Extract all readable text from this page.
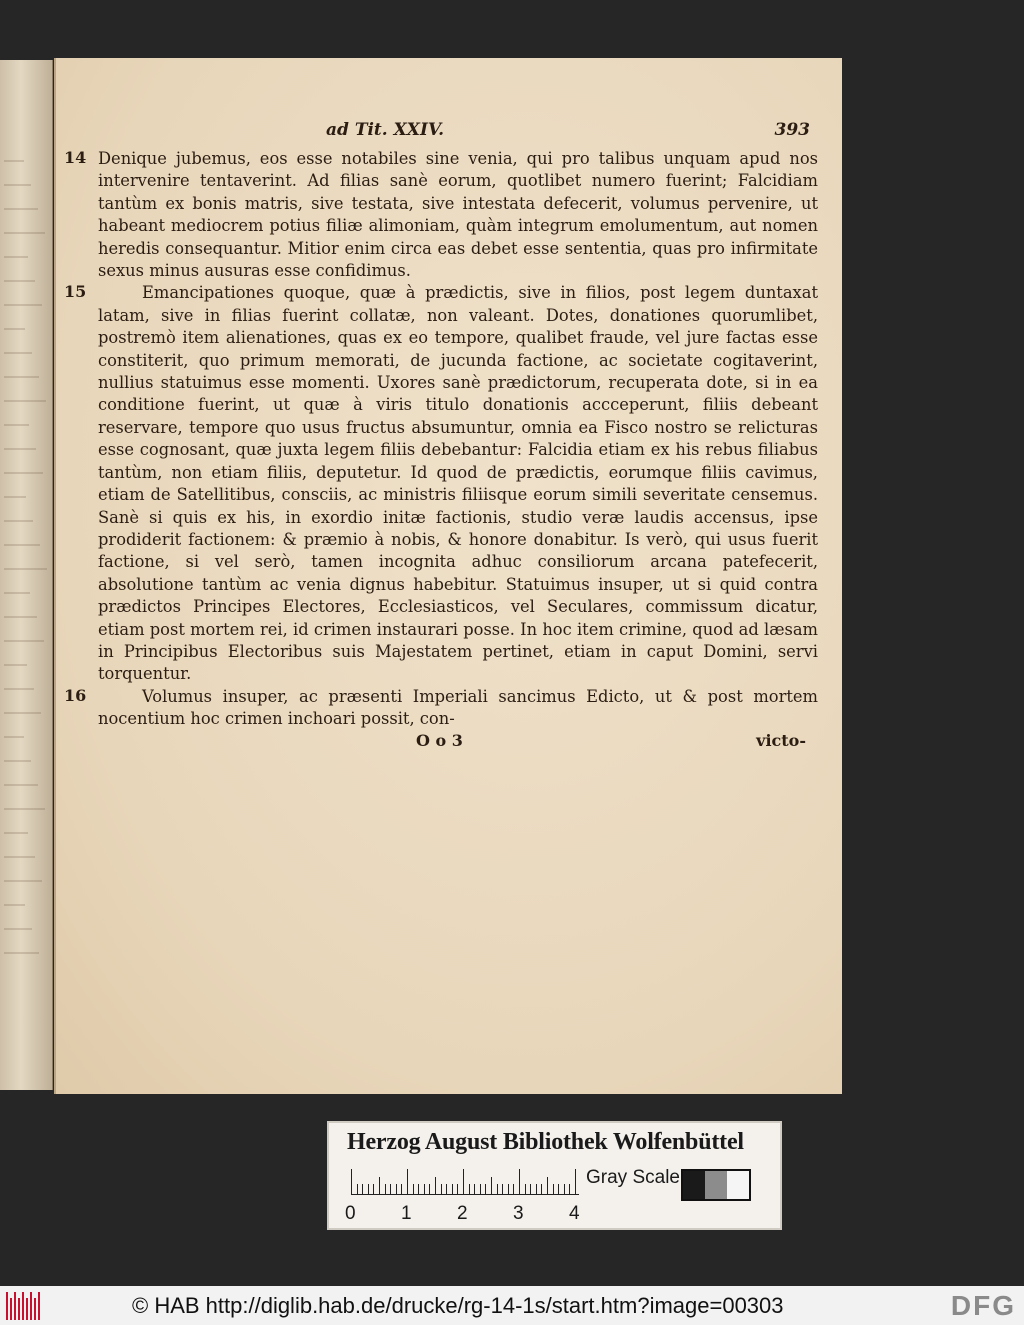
ad Tit. XXIV.	393
14 Denique jubemus, eos esse notabiles sine venia, qui pro talibus unquam apud nos intervenire tentaverint. Ad filias sanè eorum, quotlibet numero fuerint; Falcidiam tantùm ex bonis matris, sive testata, sive intestata defecerit, volumus pervenire, ut habeant mediocrem potius filiæ alimoniam, quàm integrum emolumentum, aut nomen heredis consequantur. Mitior enim circa eas debet esse sententia, quas pro infirmitate sexus minus ausuras esse confidimus.

15	Emancipationes quoque, quæ à prædictis, sive in filios, post legem duntaxat latam, sive in filias fuerint collatæ, non valeant. Dotes, donationes quorumlibet, postremò item alienationes, quas ex eo tempore, qualibet fraude, vel jure factas esse constiterit, quo primum memorati, de jucunda factione, ac societate cogitaverint, nullius statuimus esse momenti. Uxores sanè prædictorum, recuperata dote, si in ea conditione fuerint, ut quæ à viris titulo donationis accceperunt, filiis debeant reservare, tempore quo usus fructus absumuntur, omnia ea Fisco nostro se relicturas esse cognosant, quæ juxta legem filiis debebantur: Falcidia etiam ex his rebus filiabus tantùm, non etiam filiis, deputetur. Id quod de prædictis, eorumque filiis cavimus, etiam de Satellitibus, consciis, ac ministris filiisque eorum simili severitate censemus. Sanè si quis ex his, in exordio initæ factionis, studio veræ laudis accensus, ipse prodiderit factionem: & præmio à nobis, & honore donabitur. Is verò, qui usus fuerit factione, si vel serò, tamen incognita adhuc consiliorum arcana patefecerit, absolutione tantùm ac venia dignus habebitur. Statuimus insuper, ut si quid contra prædictos Principes Electores, Ecclesiasticos, vel Seculares, commissum dicatur, etiam post mortem rei, id crimen instaurari posse. In hoc item crimine, quod ad læsam in Principibus Electoribus suis Majestatem pertinet, etiam in caput Domini, servi torquentur.

16	Volumus insuper, ac præsenti Imperiali sancimus Edicto, ut & post mortem nocentium hoc crimen inchoari possit, con-

O o 3	victo-
Herzog August Bibliothek Wolfenbüttel
0 1 2 3 4
Gray Scale
© HAB http://diglib.hab.de/drucke/rg-14-1s/start.htm?image=00303	DFG
